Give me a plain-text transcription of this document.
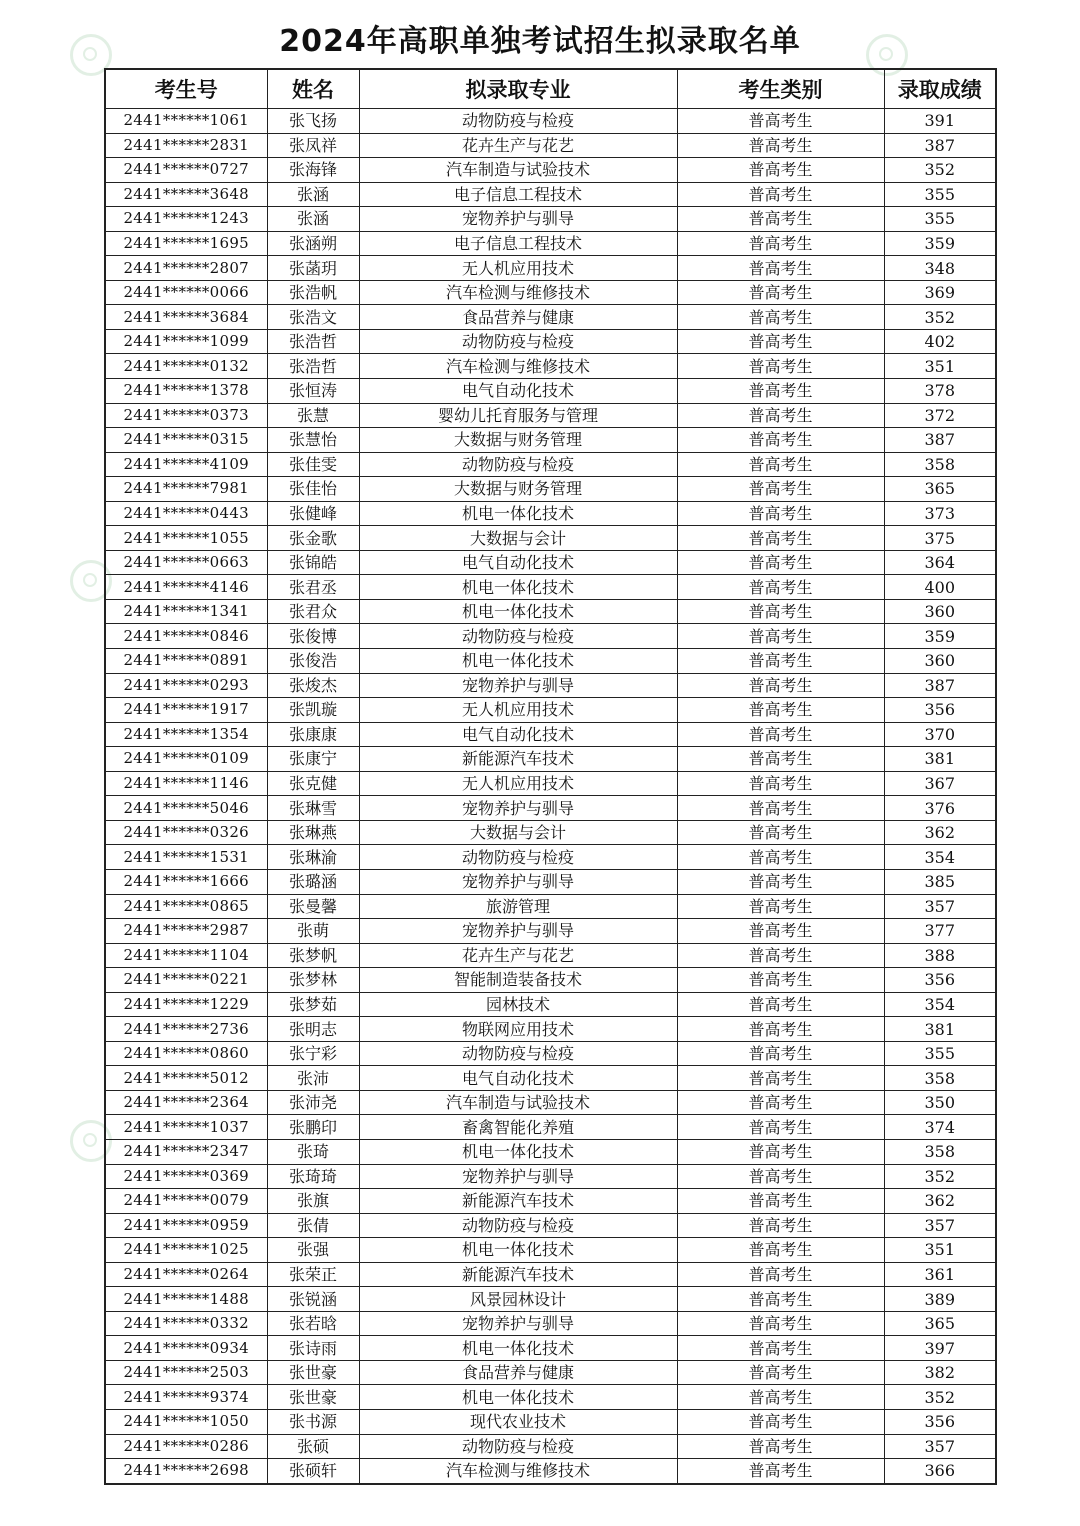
2024年高职单独考试招生拟录取名单
考生号	姓名	拟录取专业	考生类别	录取成绩
2441******1061	张飞扬	动物防疫与检疫	普高考生	391
2441******2831	张凤祥	花卉生产与花艺	普高考生	387
2441******0727	张海锋	汽车制造与试验技术	普高考生	352
2441******3648	张涵	电子信息工程技术	普高考生	355
2441******1243	张涵	宠物养护与驯导	普高考生	355
2441******1695	张涵朔	电子信息工程技术	普高考生	359
2441******2807	张菡玥	无人机应用技术	普高考生	348
2441******0066	张浩帆	汽车检测与维修技术	普高考生	369
2441******3684	张浩文	食品营养与健康	普高考生	352
2441******1099	张浩哲	动物防疫与检疫	普高考生	402
2441******0132	张浩哲	汽车检测与维修技术	普高考生	351
2441******1378	张恒涛	电气自动化技术	普高考生	378
2441******0373	张慧	婴幼儿托育服务与管理	普高考生	372
2441******0315	张慧怡	大数据与财务管理	普高考生	387
2441******4109	张佳雯	动物防疫与检疫	普高考生	358
2441******7981	张佳怡	大数据与财务管理	普高考生	365
2441******0443	张健峰	机电一体化技术	普高考生	373
2441******1055	张金歌	大数据与会计	普高考生	375
2441******0663	张锦皓	电气自动化技术	普高考生	364
2441******4146	张君丞	机电一体化技术	普高考生	400
2441******1341	张君众	机电一体化技术	普高考生	360
2441******0846	张俊博	动物防疫与检疫	普高考生	359
2441******0891	张俊浩	机电一体化技术	普高考生	360
2441******0293	张焌杰	宠物养护与驯导	普高考生	387
2441******1917	张凯璇	无人机应用技术	普高考生	356
2441******1354	张康康	电气自动化技术	普高考生	370
2441******0109	张康宁	新能源汽车技术	普高考生	381
2441******1146	张克健	无人机应用技术	普高考生	367
2441******5046	张琳雪	宠物养护与驯导	普高考生	376
2441******0326	张琳燕	大数据与会计	普高考生	362
2441******1531	张琳渝	动物防疫与检疫	普高考生	354
2441******1666	张璐涵	宠物养护与驯导	普高考生	385
2441******0865	张曼馨	旅游管理	普高考生	357
2441******2987	张萌	宠物养护与驯导	普高考生	377
2441******1104	张梦帆	花卉生产与花艺	普高考生	388
2441******0221	张梦林	智能制造装备技术	普高考生	356
2441******1229	张梦茹	园林技术	普高考生	354
2441******2736	张明志	物联网应用技术	普高考生	381
2441******0860	张宁彩	动物防疫与检疫	普高考生	355
2441******5012	张沛	电气自动化技术	普高考生	358
2441******2364	张沛尧	汽车制造与试验技术	普高考生	350
2441******1037	张鹏印	畜禽智能化养殖	普高考生	374
2441******2347	张琦	机电一体化技术	普高考生	358
2441******0369	张琦琦	宠物养护与驯导	普高考生	352
2441******0079	张旗	新能源汽车技术	普高考生	362
2441******0959	张倩	动物防疫与检疫	普高考生	357
2441******1025	张强	机电一体化技术	普高考生	351
2441******0264	张荣正	新能源汽车技术	普高考生	361
2441******1488	张锐涵	风景园林设计	普高考生	389
2441******0332	张若晗	宠物养护与驯导	普高考生	365
2441******0934	张诗雨	机电一体化技术	普高考生	397
2441******2503	张世豪	食品营养与健康	普高考生	382
2441******9374	张世豪	机电一体化技术	普高考生	352
2441******1050	张书源	现代农业技术	普高考生	356
2441******0286	张硕	动物防疫与检疫	普高考生	357
2441******2698	张硕轩	汽车检测与维修技术	普高考生	366
